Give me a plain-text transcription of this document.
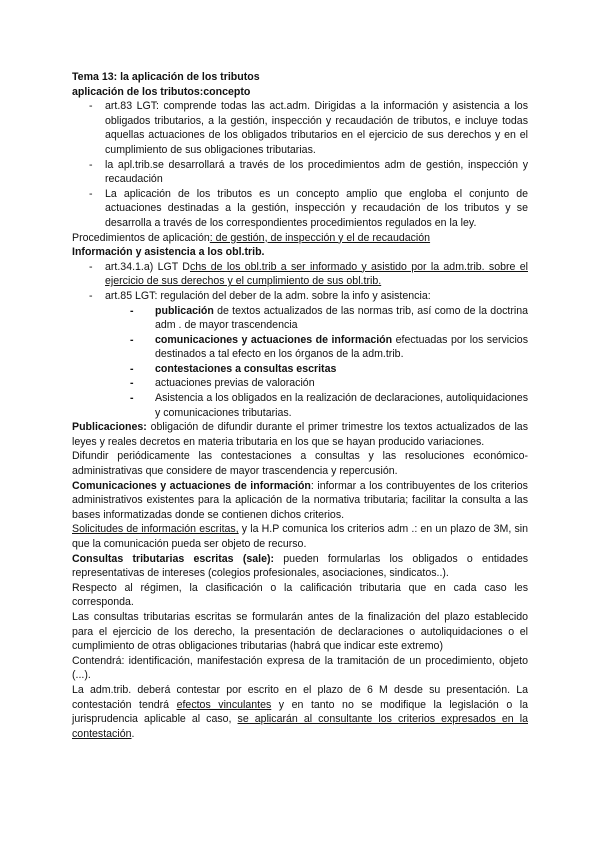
Tema 13: la aplicación de los tributos

aplicación de los tributos:concepto

- art.83 LGT: comprende todas las act.adm. Dirigidas a la información y asistencia a los obligados tributarios, a la gestión, inspección y recaudación de tributos, e incluye todas aquellas actuaciones de los obligados tributarios en el ejercicio de sus derechos y en el cumplimiento de sus obligaciones tributarias.
- la apl.trib.se desarrollará a través de los procedimientos adm de gestión, inspección y recaudación
- La aplicación de los tributos es un concepto amplio que engloba el conjunto de actuaciones destinadas a la gestión, inspección y recaudación de los tributos y se desarrolla a través de los correspondientes procedimientos regulados en la ley.

Procedimientos de aplicación: de gestión, de inspección y el de recaudación

Información y asistencia a los obl.trib.

- art.34.1.a) LGT Dchs de los obl.trib a ser informado y asistido por la adm.trib. sobre el ejercicio de sus derechos y el cumplimiento de sus obl.trib.
- art.85 LGT: regulación del deber de la adm. sobre la info y asistencia:
- publicación de textos actualizados de las normas trib, así como de la doctrina adm . de mayor trascendencia
- comunicaciones y actuaciones de información efectuadas por los servicios destinados a tal efecto en los órganos de la adm.trib.
- contestaciones a consultas escritas
- actuaciones previas de valoración
- Asistencia a los obligados en la realización de declaraciones, autoliquidaciones y comunicaciones tributarias.

Publicaciones: obligación de difundir durante el primer trimestre los textos actualizados de las leyes y reales decretos en materia tributaria en los que se hayan producido variaciones.

Difundir periódicamente las contestaciones a consultas y las resoluciones económico-administrativas que considere de mayor trascendencia y repercusión.

Comunicaciones y actuaciones de información: informar a los contribuyentes de los criterios administrativos existentes para la aplicación de la normativa tributaria; facilitar la consulta a las bases informatizadas donde se contienen dichos criterios.

Solicitudes de información escritas, y la H.P comunica los criterios adm .: en un plazo de 3M, sin que la comunicación pueda ser objeto de recurso.

Consultas tributarias escritas (sale): pueden formularlas los obligados o entidades representativas de intereses (colegios profesionales, asociaciones, sindicatos..).

Respecto al régimen, la clasificación o la calificación tributaria que en cada caso les corresponda.

Las consultas tributarias escritas se formularán antes de la finalización del plazo establecido para el ejercicio de los derecho, la presentación de declaraciones o autoliquidaciones o el cumplimiento de otras obligaciones tributarias (habrá que indicar este extremo)

Contendrá: identificación, manifestación expresa de la tramitación de un procedimiento, objeto (...).

La adm.trib. deberá contestar por escrito en el plazo de 6 M desde su presentación. La contestación tendrá efectos vinculantes y en tanto no se modifique la legislación o la jurisprudencia aplicable al caso, se aplicarán al consultante los criterios expresados en la contestación.
